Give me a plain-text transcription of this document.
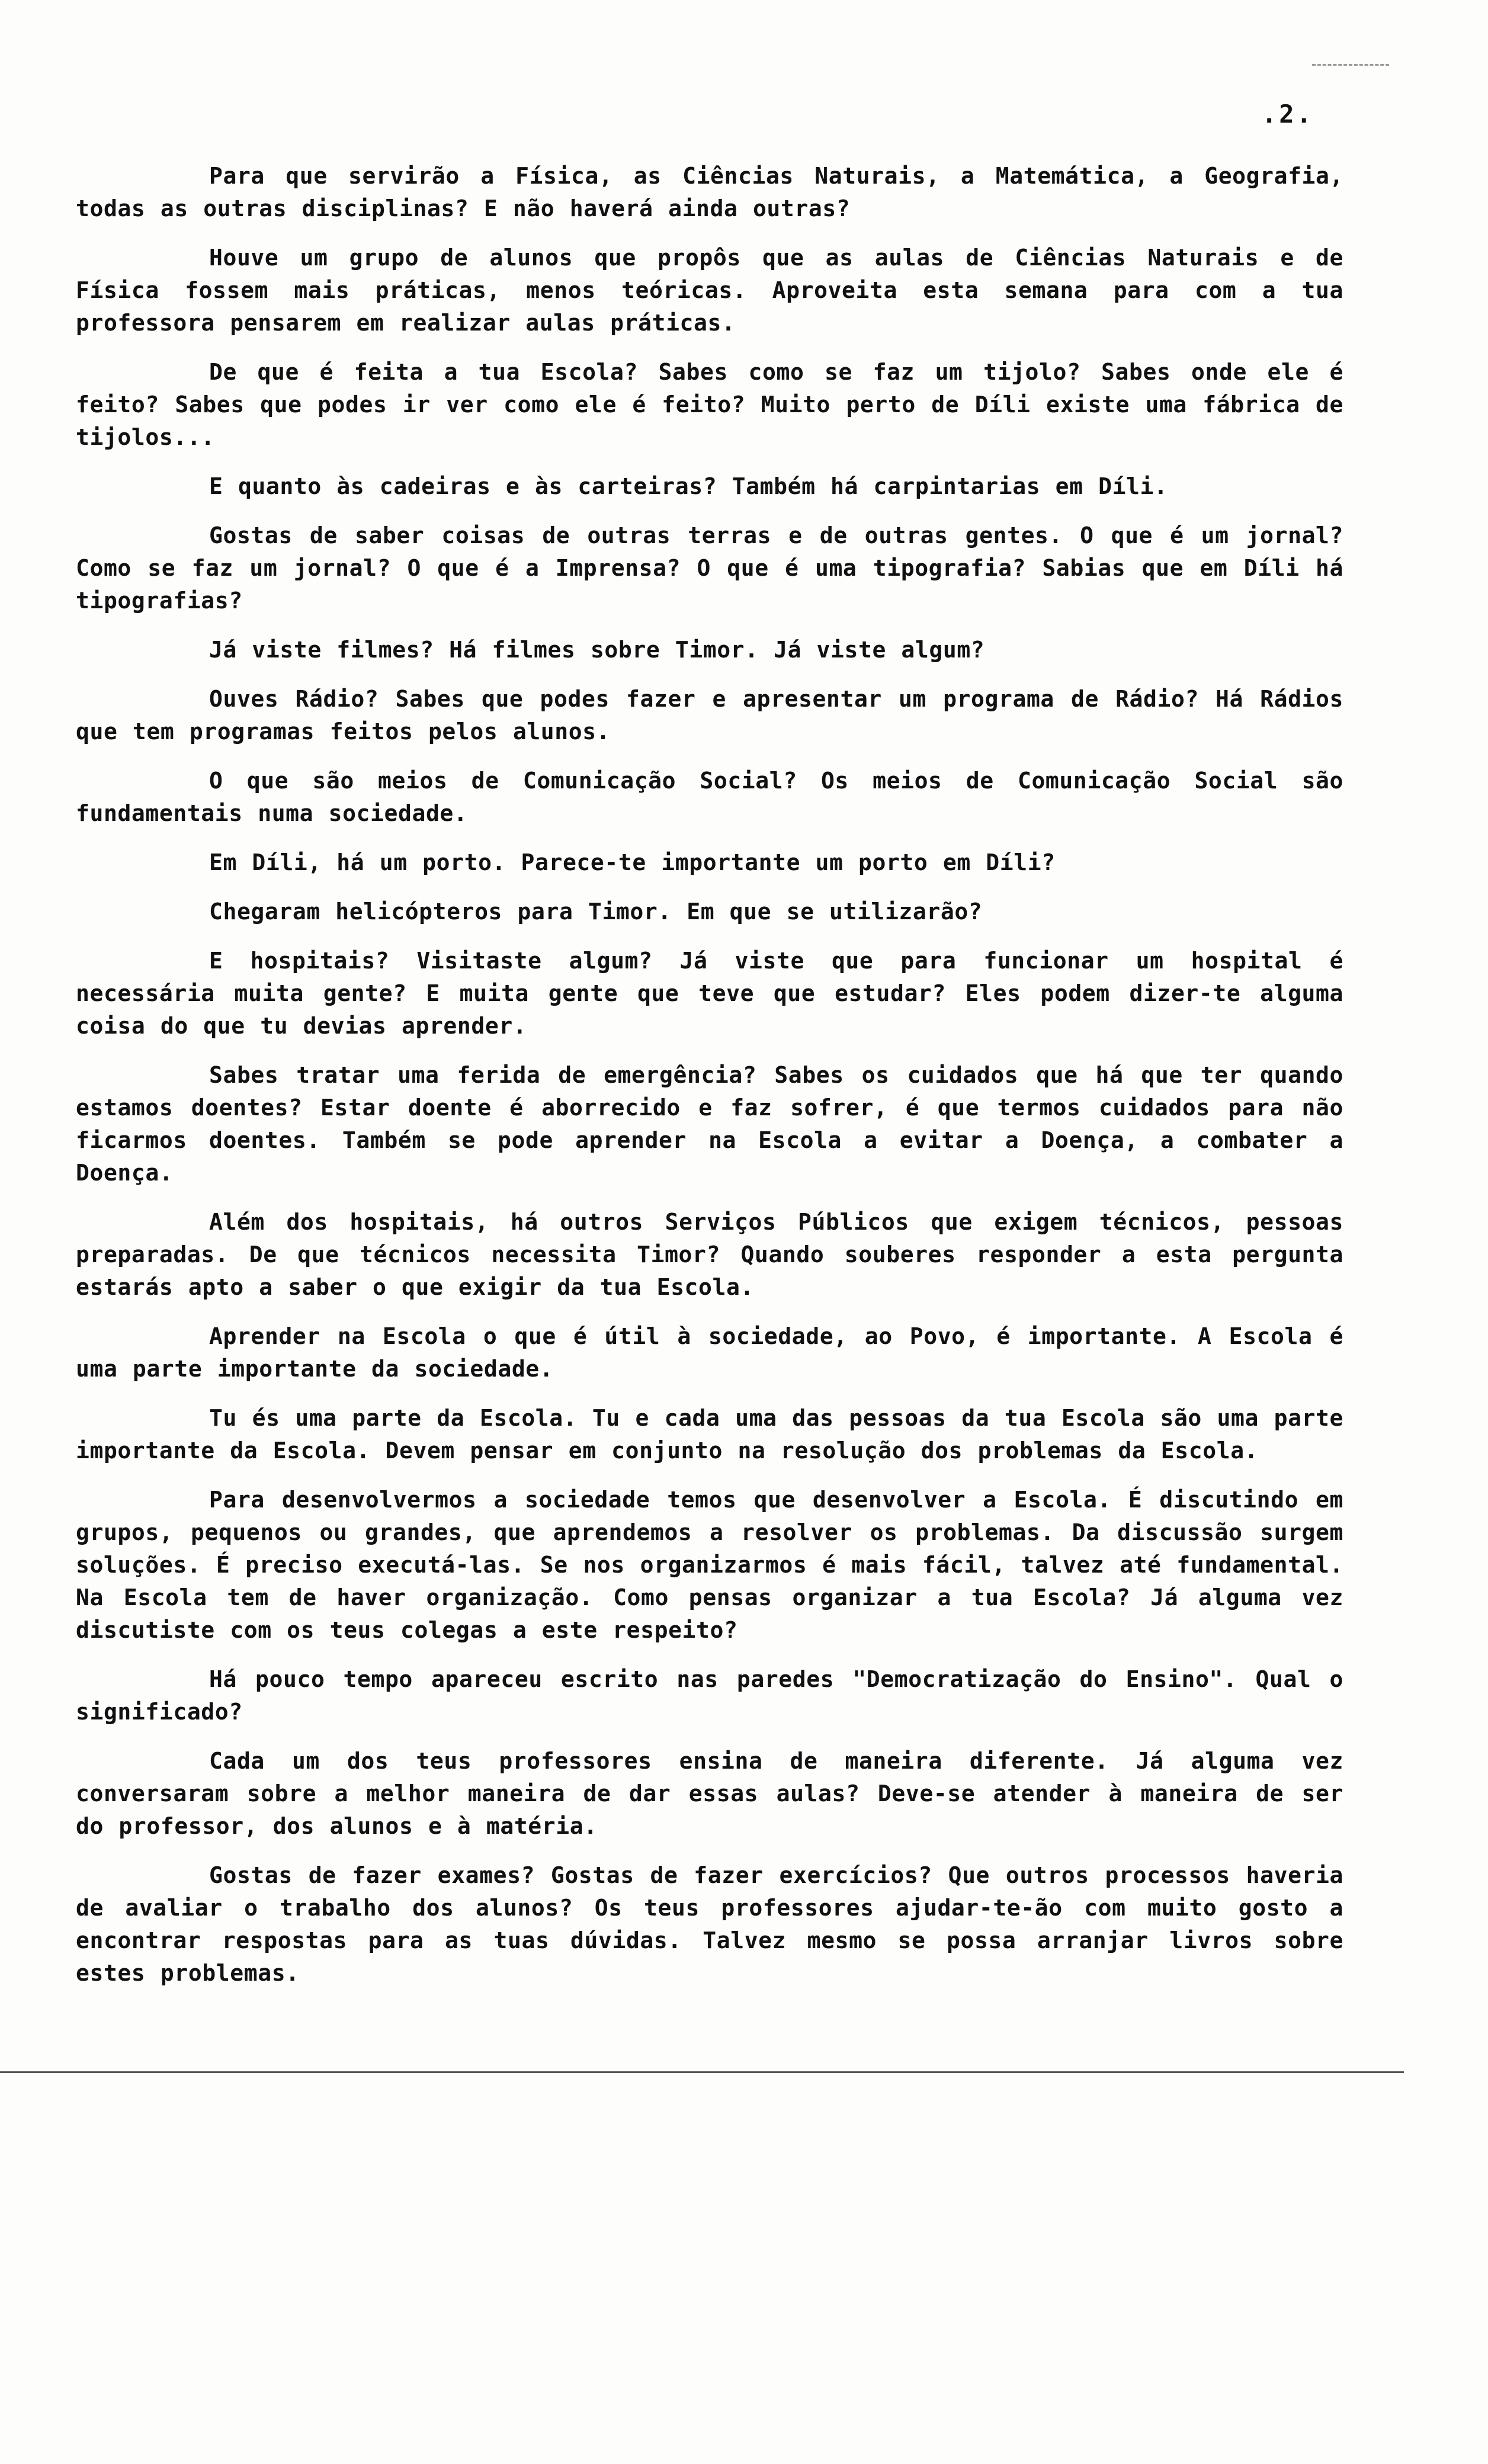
.2.

Para que servirão a Física, as Ciências Naturais, a Matemática, a Geografia, todas as outras disciplinas? E não haverá ainda outras?

Houve um grupo de alunos que propôs que as aulas de Ciências Naturais e de Física fossem mais práticas, menos teóricas. Aproveita esta semana para com a tua professora pensarem em realizar aulas práticas.

De que é feita a tua Escola? Sabes como se faz um tijolo? Sabes onde ele é feito? Sabes que podes ir ver como ele é feito? Muito perto de Díli existe uma fábrica de tijolos...

E quanto às cadeiras e às carteiras? Também há carpintarias em Díli.

Gostas de saber coisas de outras terras e de outras gentes. O que é um jornal? Como se faz um jornal? O que é a Imprensa? O que é uma tipografia? Sabias que em Díli há tipografias?

Já viste filmes? Há filmes sobre Timor. Já viste algum?

Ouves Rádio? Sabes que podes fazer e apresentar um programa de Rádio? Há Rádios que tem programas feitos pelos alunos.

O que são meios de Comunicação Social? Os meios de Comunicação Social são fundamentais numa sociedade.

Em Díli, há um porto. Parece-te importante um porto em Díli?

Chegaram helicópteros para Timor. Em que se utilizarão?

E hospitais? Visitaste algum? Já viste que para funcionar um hospital é necessária muita gente? E muita gente que teve que estudar? Eles podem dizer-te alguma coisa do que tu devias aprender.

Sabes tratar uma ferida de emergência? Sabes os cuidados que há que ter quando estamos doentes? Estar doente é aborrecido e faz sofrer, é que termos cuidados para não ficarmos doentes. Também se pode aprender na Escola a evitar a Doença, a combater a Doença.

Além dos hospitais, há outros Serviços Públicos que exigem técnicos, pessoas preparadas. De que técnicos necessita Timor? Quando souberes responder a esta pergunta estarás apto a saber o que exigir da tua Escola.

Aprender na Escola o que é útil à sociedade, ao Povo, é importante. A Escola é uma parte importante da sociedade.

Tu és uma parte da Escola. Tu e cada uma das pessoas da tua Escola são uma parte importante da Escola. Devem pensar em conjunto na resolução dos problemas da Escola.

Para desenvolvermos a sociedade temos que desenvolver a Escola. É discutindo em grupos, pequenos ou grandes, que aprendemos a resolver os problemas. Da discussão surgem soluções. É preciso executá-las. Se nos organizarmos é mais fácil, talvez até fundamental. Na Escola tem de haver organização. Como pensas organizar a tua Escola? Já alguma vez discutiste com os teus colegas a este respeito?

Há pouco tempo apareceu escrito nas paredes "Democratização do Ensino". Qual o significado?

Cada um dos teus professores ensina de maneira diferente. Já alguma vez conversaram sobre a melhor maneira de dar essas aulas? Deve-se atender à maneira de ser do professor, dos alunos e à matéria.

Gostas de fazer exames? Gostas de fazer exercícios? Que outros processos haveria de avaliar o trabalho dos alunos? Os teus professores ajudar-te-ão com muito gosto a encontrar respostas para as tuas dúvidas. Talvez mesmo se possa arranjar livros sobre estes problemas.
